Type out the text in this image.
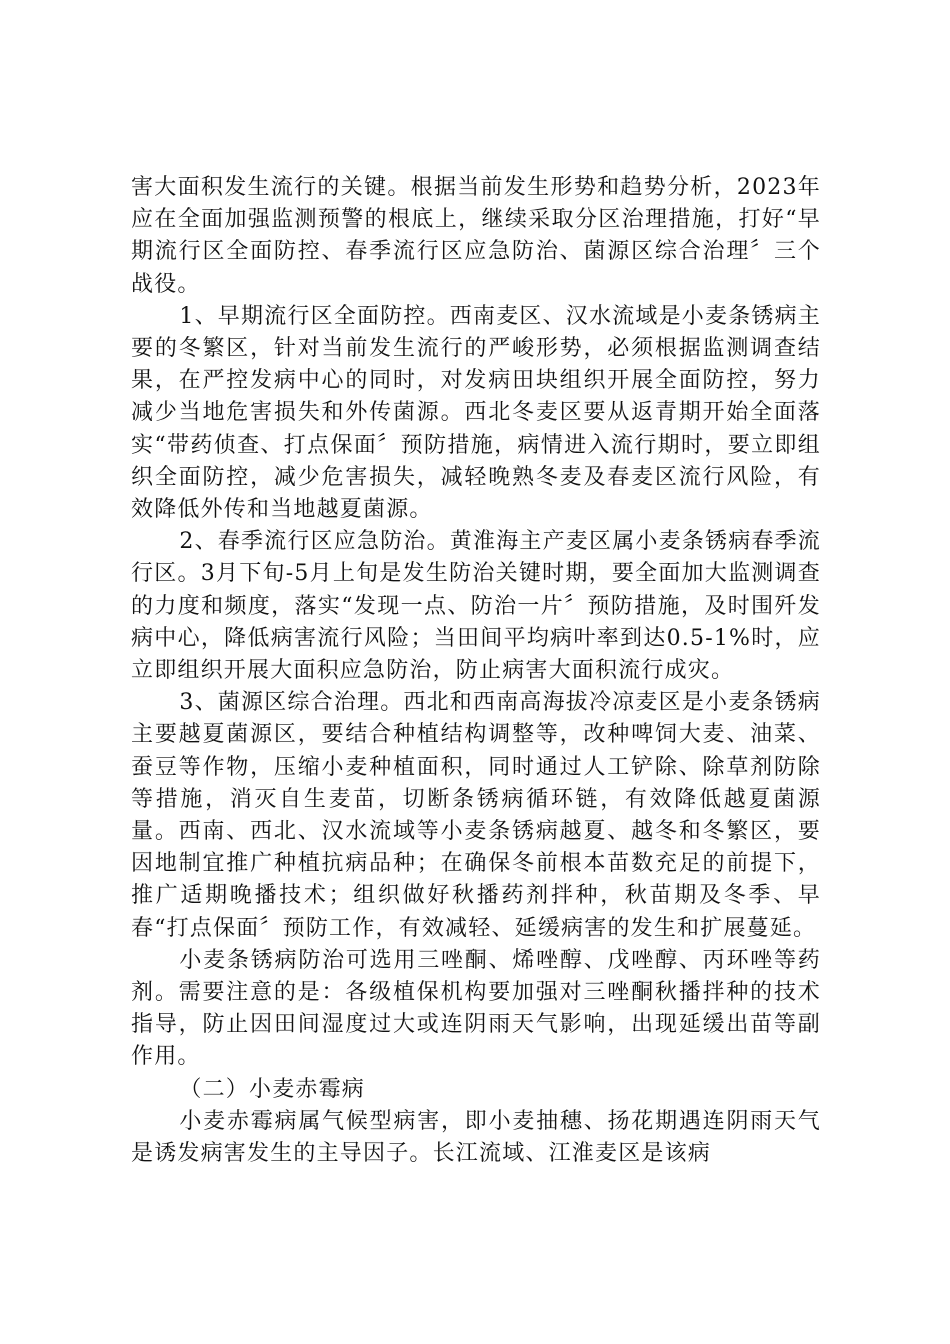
害大面积发生流行的关键。根据当前发生形势和趋势分析，2023年应在全面加强监测预警的根底上，继续采取分区治理措施，打好“早期流行区全面防控、春季流行区应急防治、菌源区综合治理〞三个战役。

1、早期流行区全面防控。西南麦区、汉水流域是小麦条锈病主要的冬繁区，针对当前发生流行的严峻形势，必须根据监测调查结果，在严控发病中心的同时，对发病田块组织开展全面防控，努力减少当地危害损失和外传菌源。西北冬麦区要从返青期开始全面落实“带药侦查、打点保面〞预防措施，病情进入流行期时，要立即组织全面防控，减少危害损失，减轻晚熟冬麦及春麦区流行风险，有效降低外传和当地越夏菌源。

2、春季流行区应急防治。黄淮海主产麦区属小麦条锈病春季流行区。3月下旬-5月上旬是发生防治关键时期，要全面加大监测调查的力度和频度，落实“发现一点、防治一片〞预防措施，及时围歼发病中心，降低病害流行风险；当田间平均病叶率到达0.5-1%时，应立即组织开展大面积应急防治，防止病害大面积流行成灾。

3、菌源区综合治理。西北和西南高海拔冷凉麦区是小麦条锈病主要越夏菌源区，要结合种植结构调整等，改种啤饲大麦、油菜、蚕豆等作物，压缩小麦种植面积，同时通过人工铲除、除草剂防除等措施，消灭自生麦苗，切断条锈病循环链，有效降低越夏菌源量。西南、西北、汉水流域等小麦条锈病越夏、越冬和冬繁区，要因地制宜推广种植抗病品种；在确保冬前根本苗数充足的前提下，推广适期晚播技术；组织做好秋播药剂拌种，秋苗期及冬季、早春“打点保面〞预防工作，有效减轻、延缓病害的发生和扩展蔓延。

小麦条锈病防治可选用三唑酮、烯唑醇、戊唑醇、丙环唑等药剂。需要注意的是：各级植保机构要加强对三唑酮秋播拌种的技术指导，防止因田间湿度过大或连阴雨天气影响，出现延缓出苗等副作用。

（二）小麦赤霉病

小麦赤霉病属气候型病害，即小麦抽穗、扬花期遇连阴雨天气是诱发病害发生的主导因子。长江流域、江淮麦区是该病
